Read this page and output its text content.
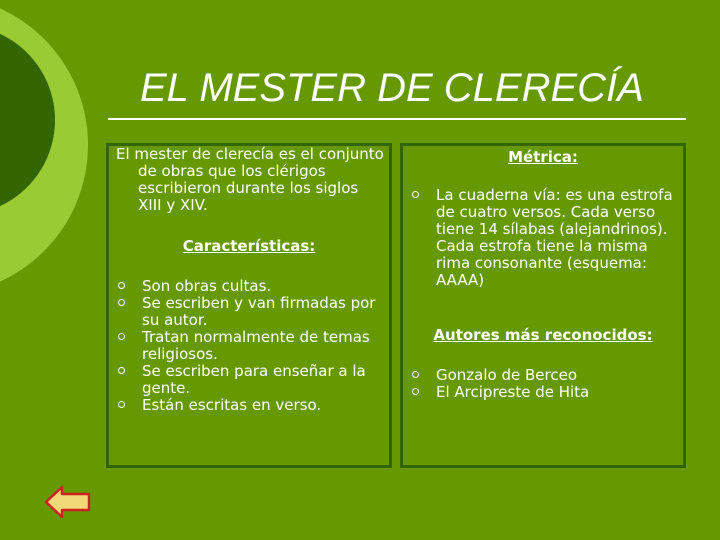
EL MESTER DE CLERECÍA
El mester de clerecía es el conjunto de obras que los clérigos escribieron durante los siglos XIII y XIV.
Características:
Son obras cultas.
Se escriben y van firmadas por su autor.
Tratan normalmente de temas religiosos.
Se escriben para enseñar a la gente.
Están escritas en verso.
Métrica:
La cuaderna vía: es una estrofa de cuatro versos. Cada verso tiene 14 sílabas (alejandrinos). Cada estrofa tiene la misma rima consonante (esquema: AAAA)
Autores más reconocidos:
Gonzalo de Berceo
El Arcipreste de Hita
